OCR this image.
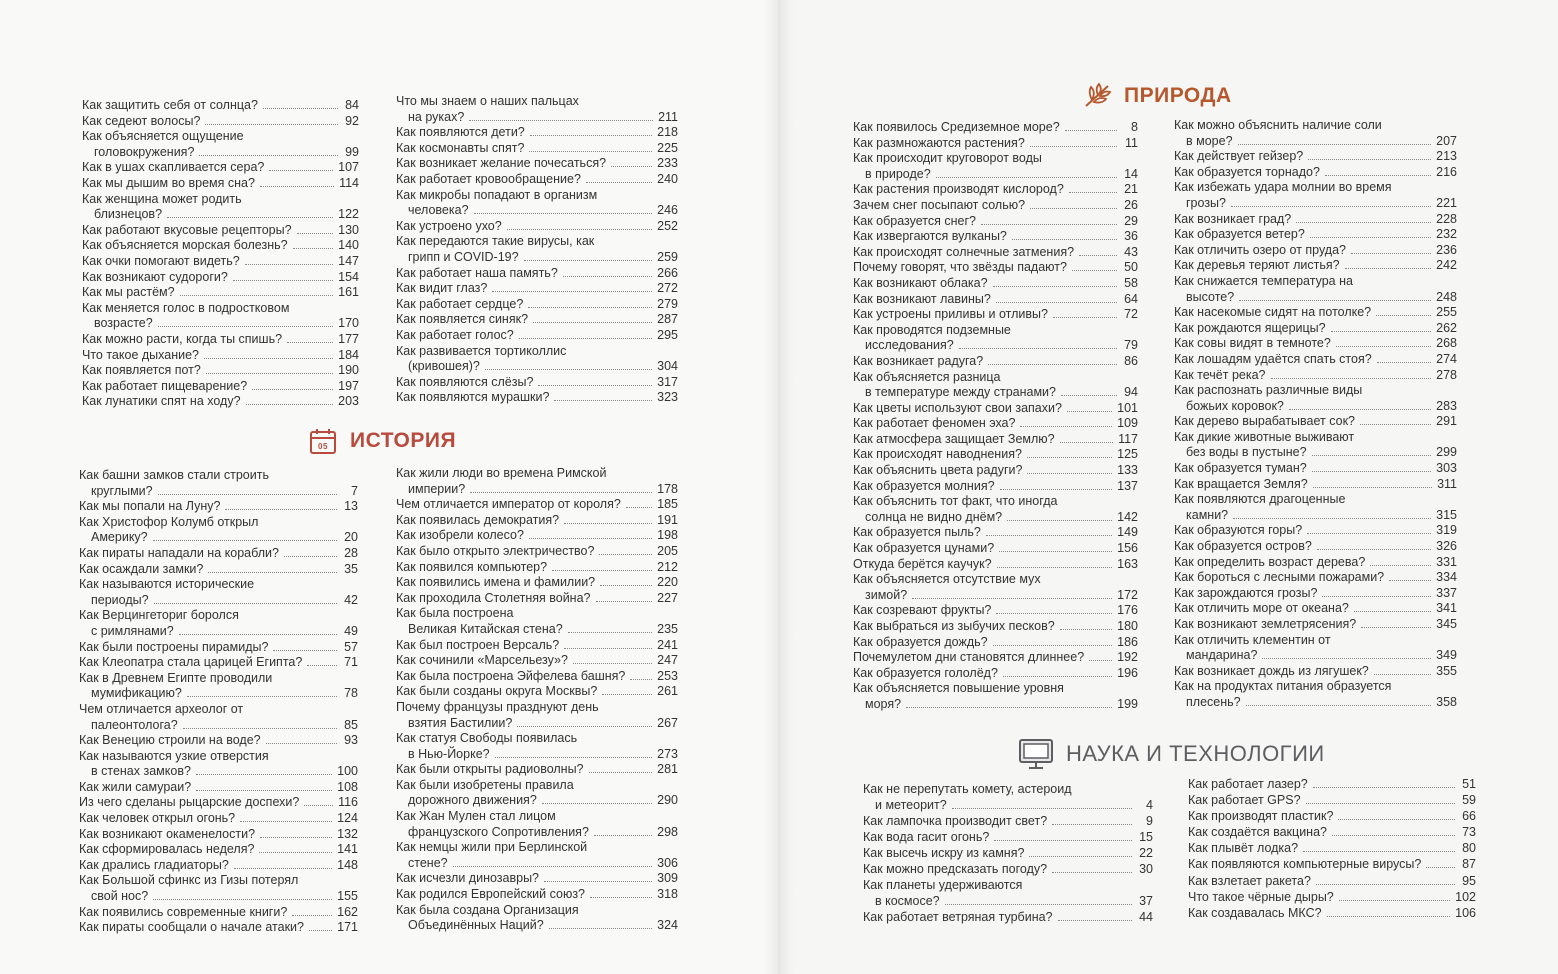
Как защитить себя от солнца?	84
Как седеют волосы?	92
Как объясняется ощущение
головокружения?	99
Как в ушах скапливается сера?	107
Как мы дышим во время сна?	114
Как женщина может родить
близнецов?	122
Как работают вкусовые рецепторы?	130
Как объясняется морская болезнь?	140
Как очки помогают видеть?	147
Как возникают судороги?	154
Как мы растём?	161
Как меняется голос в подростковом
возрасте?	170
Как можно расти, когда ты спишь?	177
Что такое дыхание?	184
Как появляется пот?	190
Как работает пищеварение?	197
Как лунатики спят на ходу?	203
Что мы знаем о наших пальцах
на руках?	211
Как появляются дети?	218
Как космонавты спят?	225
Как возникает желание почесаться?	233
Как работает кровообращение?	240
Как микробы попадают в организм
человека?	246
Как устроено ухо?	252
Как передаются такие вирусы, как
грипп и COVID-19?	259
Как работает наша память?	266
Как видит глаз?	272
Как работает сердце?	279
Как появляется синяк?	287
Как работает голос?	295
Как развивается тортиколлис
(кривошея)?	304
Как появляются слёзы?	317
Как появляются мурашки?	323
05 ИСТОРИЯ
Как башни замков стали строить
круглыми?	7
Как мы попали на Луну?	13
Как Христофор Колумб открыл
Америку?	20
Как пираты нападали на корабли?	28
Как осаждали замки?	35
Как называются исторические
периоды?	42
Как Верцингеториг боролся
с римлянами?	49
Как были построены пирамиды?	57
Как Клеопатра стала царицей Египта?	71
Как в Древнем Египте проводили
мумификацию?	78
Чем отличается археолог от
палеонтолога?	85
Как Венецию строили на воде?	93
Как называются узкие отверстия
в стенах замков?	100
Как жили самураи?	108
Из чего сделаны рыцарские доспехи?	116
Как человек открыл огонь?	124
Как возникают окаменелости?	132
Как сформировалась неделя?	141
Как дрались гладиаторы?	148
Как Большой сфинкс из Гизы потерял
свой нос?	155
Как появились современные книги?	162
Как пираты сообщали о начале атаки?	171
Как жили люди во времена Римской
империи?	178
Чем отличается император от короля?	185
Как появилась демократия?	191
Как изобрели колесо?	198
Как было открыто электричество?	205
Как появился компьютер?	212
Как появились имена и фамилии?	220
Как проходила Столетняя война?	227
Как была построена
Великая Китайская стена?	235
Как был построен Версаль?	241
Как сочинили «Марсельезу»?	247
Как была построена Эйфелева башня?	253
Как были созданы округа Москвы?	261
Почему французы празднуют день
взятия Бастилии?	267
Как статуя Свободы появилась
в Нью-Йорке?	273
Как были открыты радиоволны?	281
Как были изобретены правила
дорожного движения?	290
Как Жан Мулен стал лицом
французского Сопротивления?	298
Как немцы жили при Берлинской
стене?	306
Как исчезли динозавры?	309
Как родился Европейский союз?	318
Как была создана Организация
Объединённых Наций?	324
ПРИРОДА
Как появилось Средиземное море?	8
Как размножаются растения?	11
Как происходит круговорот воды
в природе?	14
Как растения производят кислород?	21
Зачем снег посыпают солью?	26
Как образуется снег?	29
Как извергаются вулканы?	36
Как происходят солнечные затмения?	43
Почему говорят, что звёзды падают?	50
Как возникают облака?	58
Как возникают лавины?	64
Как устроены приливы и отливы?	72
Как проводятся подземные
исследования?	79
Как возникает радуга?	86
Как объясняется разница
в температуре между странами?	94
Как цветы используют свои запахи?	101
Как работает феномен эха?	109
Как атмосфера защищает Землю?	117
Как происходят наводнения?	125
Как объяснить цвета радуги?	133
Как образуется молния?	137
Как объяснить тот факт, что иногда
солнца не видно днём?	142
Как образуется пыль?	149
Как образуется цунами?	156
Откуда берётся каучук?	163
Как объясняется отсутствие мух
зимой?	172
Как созревают фрукты?	176
Как выбраться из зыбучих песков?	180
Как образуется дождь?	186
Почемулетом дни становятся длиннее?	192
Как образуется гололёд?	196
Как объясняется повышение уровня
моря?	199
Как можно объяснить наличие соли
в море?	207
Как действует гейзер?	213
Как образуется торнадо?	216
Как избежать удара молнии во время
грозы?	221
Как возникает град?	228
Как образуется ветер?	232
Как отличить озеро от пруда?	236
Как деревья теряют листья?	242
Как снижается температура на
высоте?	248
Как насекомые сидят на потолке?	255
Как рождаются ящерицы?	262
Как совы видят в темноте?	268
Как лошадям удаётся спать стоя?	274
Как течёт река?	278
Как распознать различные виды
божьих коровок?	283
Как дерево вырабатывает сок?	291
Как дикие животные выживают
без воды в пустыне?	299
Как образуется туман?	303
Как вращается Земля?	311
Как появляются драгоценные
камни?	315
Как образуются горы?	319
Как образуется остров?	326
Как определить возраст дерева?	331
Как бороться с лесными пожарами?	334
Как зарождаются грозы?	337
Как отличить море от океана?	341
Как возникают землетрясения?	345
Как отличить клементин от
мандарина?	349
Как возникает дождь из лягушек?	355
Как на продуктах питания образуется
плесень?	358
НАУКА И ТЕХНОЛОГИИ
Как не перепутать комету, астероид
и метеорит?	4
Как лампочка производит свет?	9
Как вода гасит огонь?	15
Как высечь искру из камня?	22
Как можно предсказать погоду?	30
Как планеты удерживаются
в космосе?	37
Как работает ветряная турбина?	44
Как работает лазер?	51
Как работает GPS?	59
Как производят пластик?	66
Как создаётся вакцина?	73
Как плывёт лодка?	80
Как появляются компьютерные вирусы?	87
Как взлетает ракета?	95
Что такое чёрные дыры?	102
Как создавалась МКС?	106
